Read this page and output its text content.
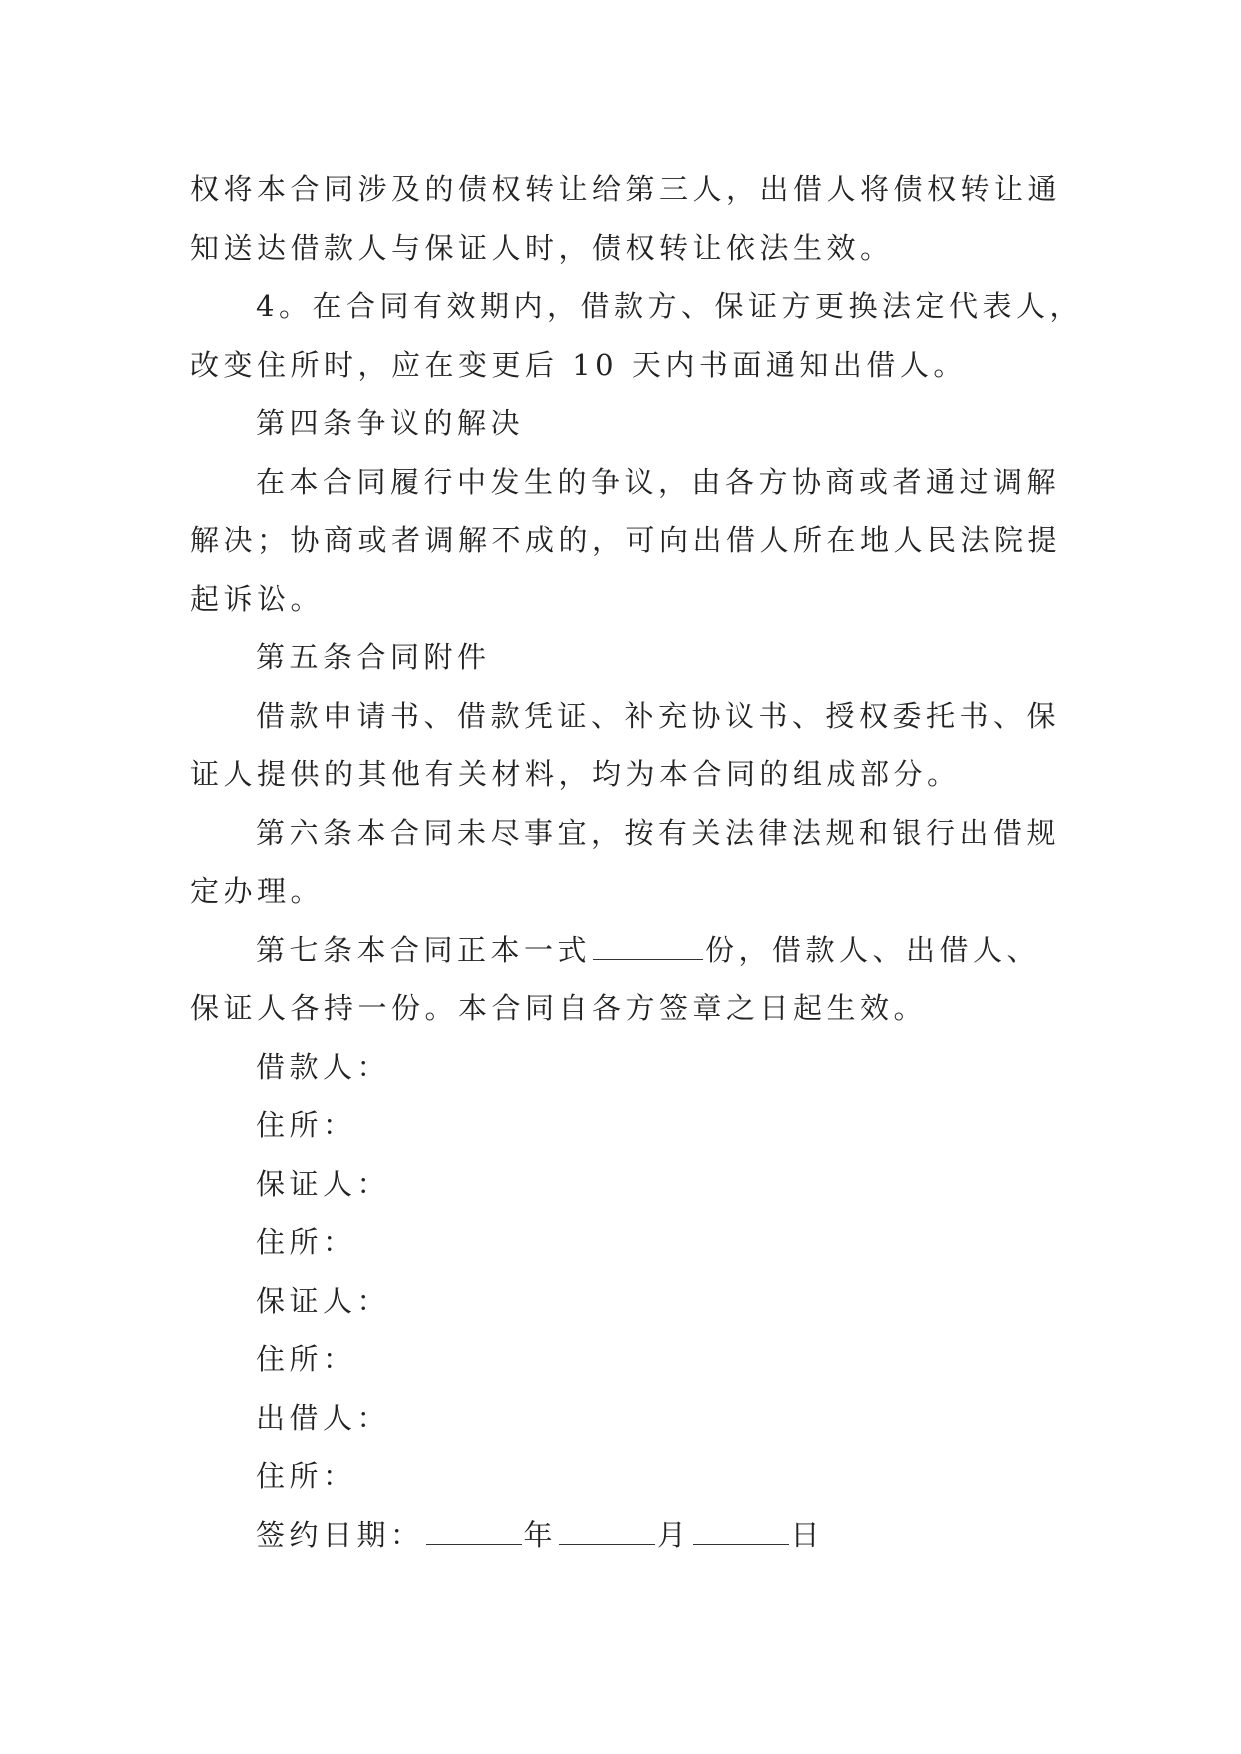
权将本合同涉及的债权转让给第三人，出借人将债权转让通

知送达借款人与保证人时，债权转让依法生效。

4。在合同有效期内，借款方、保证方更换法定代表人，

改变住所时，应在变更后 10 天内书面通知出借人。

第四条争议的解决

在本合同履行中发生的争议，由各方协商或者通过调解

解决；协商或者调解不成的，可向出借人所在地人民法院提

起诉讼。

第五条合同附件

借款申请书、借款凭证、补充协议书、授权委托书、保

证人提供的其他有关材料，均为本合同的组成部分。

第六条本合同未尽事宜，按有关法律法规和银行出借规

定办理。

第七条本合同正本一式	份，借款人、出借人、

保证人各持一份。本合同自各方签章之日起生效。

借款人：

住所：

保证人：

住所：

保证人：

住所：

出借人：

住所：

签约日期：	年	月	日
